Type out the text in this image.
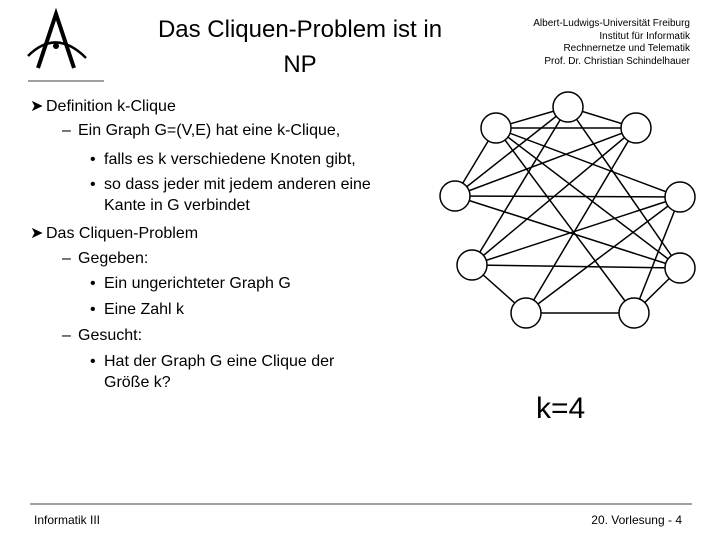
Das Cliquen-Problem ist in
NP
Albert-Ludwigs-Universität Freiburg
Institut für Informatik
Rechnernetze und Telematik
Prof. Dr. Christian Schindelhauer
➤ Definition k-Clique
– Ein Graph G=(V,E) hat eine k-Clique,
• falls es k verschiedene Knoten gibt,
• so dass jeder mit jedem anderen eine
Kante in G verbindet
➤ Das Cliquen-Problem
– Gegeben:
• Ein ungerichteter Graph G
• Eine Zahl k
– Gesucht:
• Hat der Graph G eine Clique der
Größe k?
k=4
Informatik III	20. Vorlesung - 4
